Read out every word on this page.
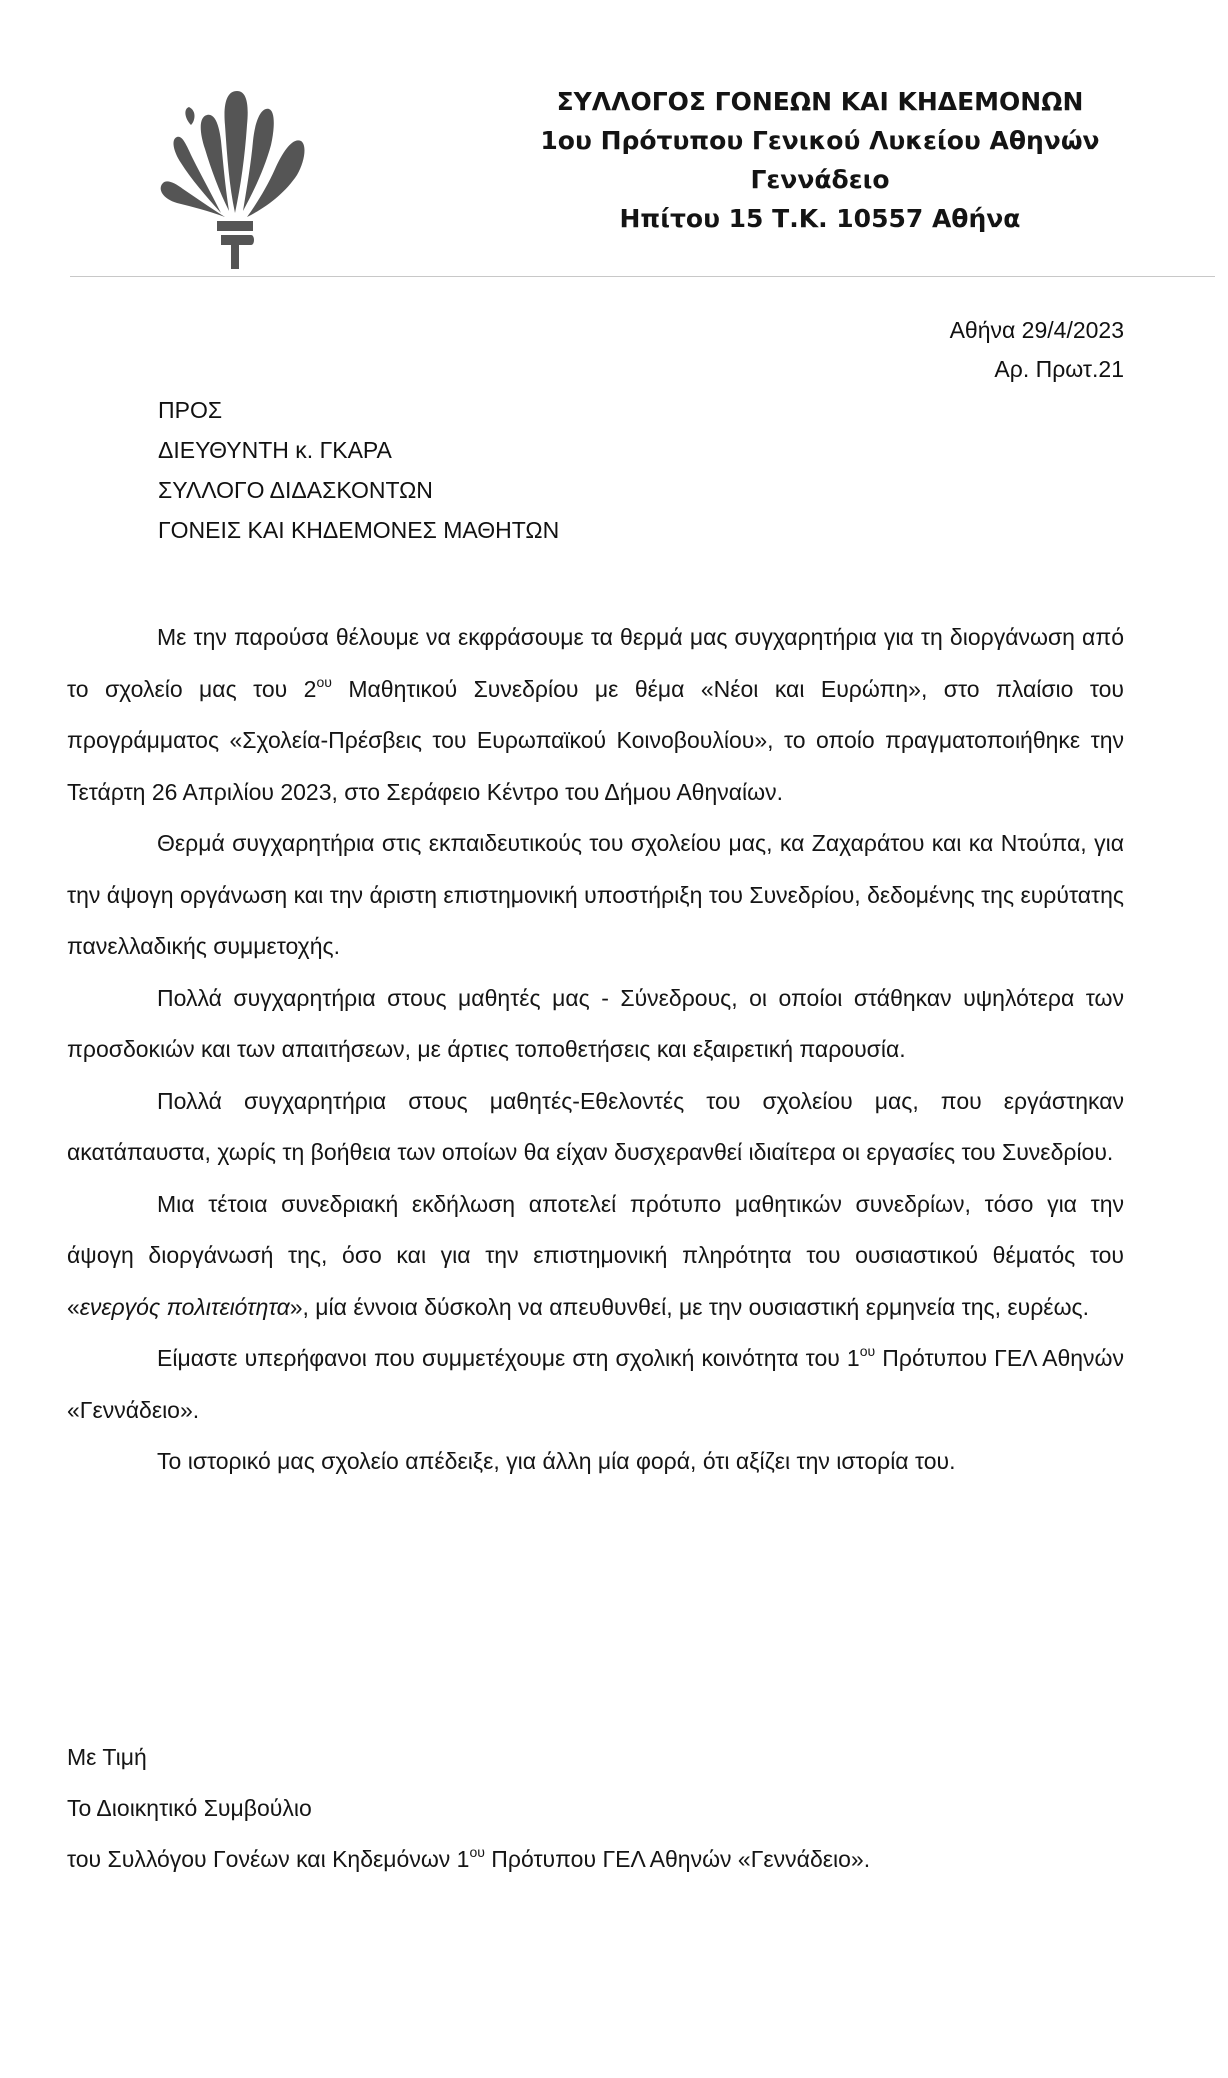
ΣΥΛΛΟΓΟΣ ΓΟΝΕΩΝ ΚΑΙ ΚΗΔΕΜΟΝΩΝ
1ου Πρότυπου Γενικού Λυκείου Αθηνών
Γεννάδειο
Ηπίτου 15 Τ.Κ. 10557 Αθήνα
Αθήνα 29/4/2023
Αρ. Πρωτ.21
ΠΡΟΣ
ΔΙΕΥΘΥΝΤΗ κ. ΓΚΑΡΑ
ΣΥΛΛΟΓΟ ΔΙΔΑΣΚΟΝΤΩΝ
ΓΟΝΕΙΣ ΚΑΙ ΚΗΔΕΜΟΝΕΣ ΜΑΘΗΤΩΝ

Με την παρούσα θέλουμε να εκφράσουμε τα θερμά μας συγχαρητήρια για τη διοργάνωση από το σχολείο μας του $2^{o\upsilon}$ Μαθητικού Συνεδρίου με θέμα «Νέοι και Ευρώπη», στο πλαίσιο του προγράμματος «Σχολεία-Πρέσβεις του Ευρωπαϊκού Κοινοβουλίου», το οποίο πραγματοποιήθηκε την Τετάρτη 26 Απριλίου 2023, στο Σεράφειο Κέντρο του Δήμου Αθηναίων.

Θερμά συγχαρητήρια στις εκπαιδευτικούς του σχολείου μας, κα Ζαχαράτου και κα Ντούπα, για την άψογη οργάνωση και την άριστη επιστημονική υποστήριξη του Συνεδρίου, δεδομένης της ευρύτατης πανελλαδικής συμμετοχής.

Πολλά συγχαρητήρια στους μαθητές μας - Σύνεδρους, οι οποίοι στάθηκαν υψηλότερα των προσδοκιών και των απαιτήσεων, με άρτιες τοποθετήσεις και εξαιρετική παρουσία.

Πολλά συγχαρητήρια στους μαθητές-Εθελοντές του σχολείου μας, που εργάστηκαν ακατάπαυστα, χωρίς τη βοήθεια των οποίων θα είχαν δυσχερανθεί ιδιαίτερα οι εργασίες του Συνεδρίου.

Μια τέτοια συνεδριακή εκδήλωση αποτελεί πρότυπο μαθητικών συνεδρίων, τόσο για την άψογη διοργάνωσή της, όσο και για την επιστημονική πληρότητα του ουσιαστικού θέματός του «ενεργός πολιτειότητα», μία έννοια δύσκολη να απευθυνθεί, με την ουσιαστική ερμηνεία της, ευρέως.

Είμαστε υπερήφανοι που συμμετέχουμε στη σχολική κοινότητα του $1^{o\upsilon}$ Πρότυπου ΓΕΛ Αθηνών «Γεννάδειο».

Το ιστορικό μας σχολείο απέδειξε, για άλλη μία φορά, ότι αξίζει την ιστορία του.

Με Τιμή
Το Διοικητικό Συμβούλιο
του Συλλόγου Γονέων και Κηδεμόνων $1^{o\upsilon}$ Πρότυπου ΓΕΛ Αθηνών «Γεννάδειο».
